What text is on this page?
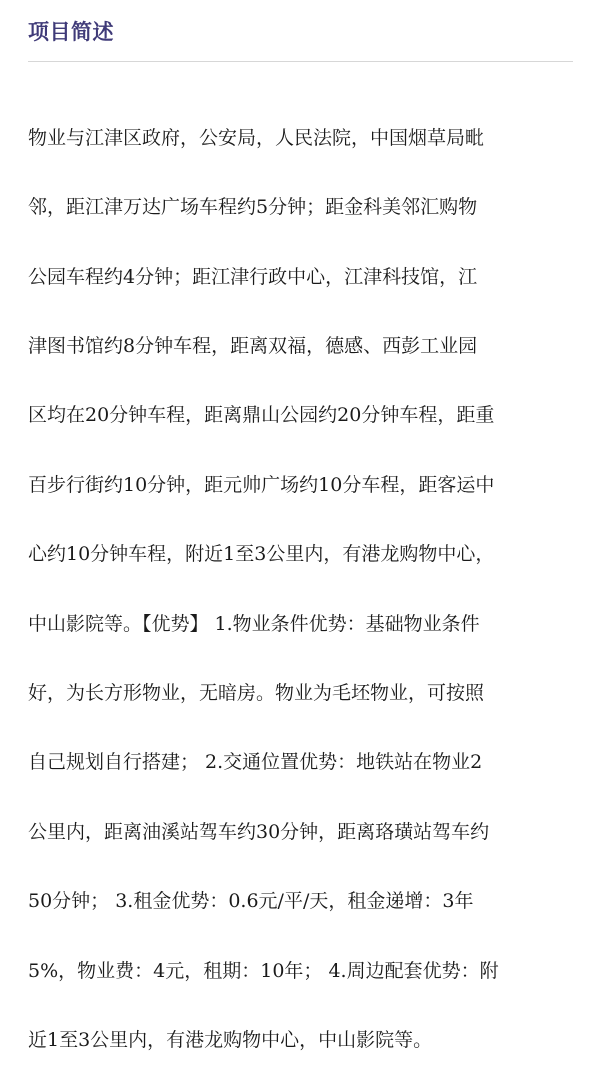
项目简述

物业与江津区政府，公安局，人民法院，中国烟草局毗

邻，距江津万达广场车程约5分钟；距金科美邻汇购物

公园车程约4分钟；距江津行政中心，江津科技馆，江

津图书馆约8分钟车程，距离双福，德感、西彭工业园

区均在20分钟车程，距离鼎山公园约20分钟车程，距重

百步行街约10分钟，距元帅广场约10分车程，距客运中

心约10分钟车程，附近1至3公里内，有港龙购物中心，

中山影院等。【优势】 1.物业条件优势：基础物业条件

好，为长方形物业，无暗房。物业为毛坯物业，可按照

自己规划自行搭建； 2.交通位置优势：地铁站在物业2

公里内，距离油溪站驾车约30分钟，距离珞璜站驾车约

50分钟； 3.租金优势：0.6元/平/天，租金递增：3年

5%，物业费：4元，租期：10年； 4.周边配套优势：附

近1至3公里内，有港龙购物中心，中山影院等。
